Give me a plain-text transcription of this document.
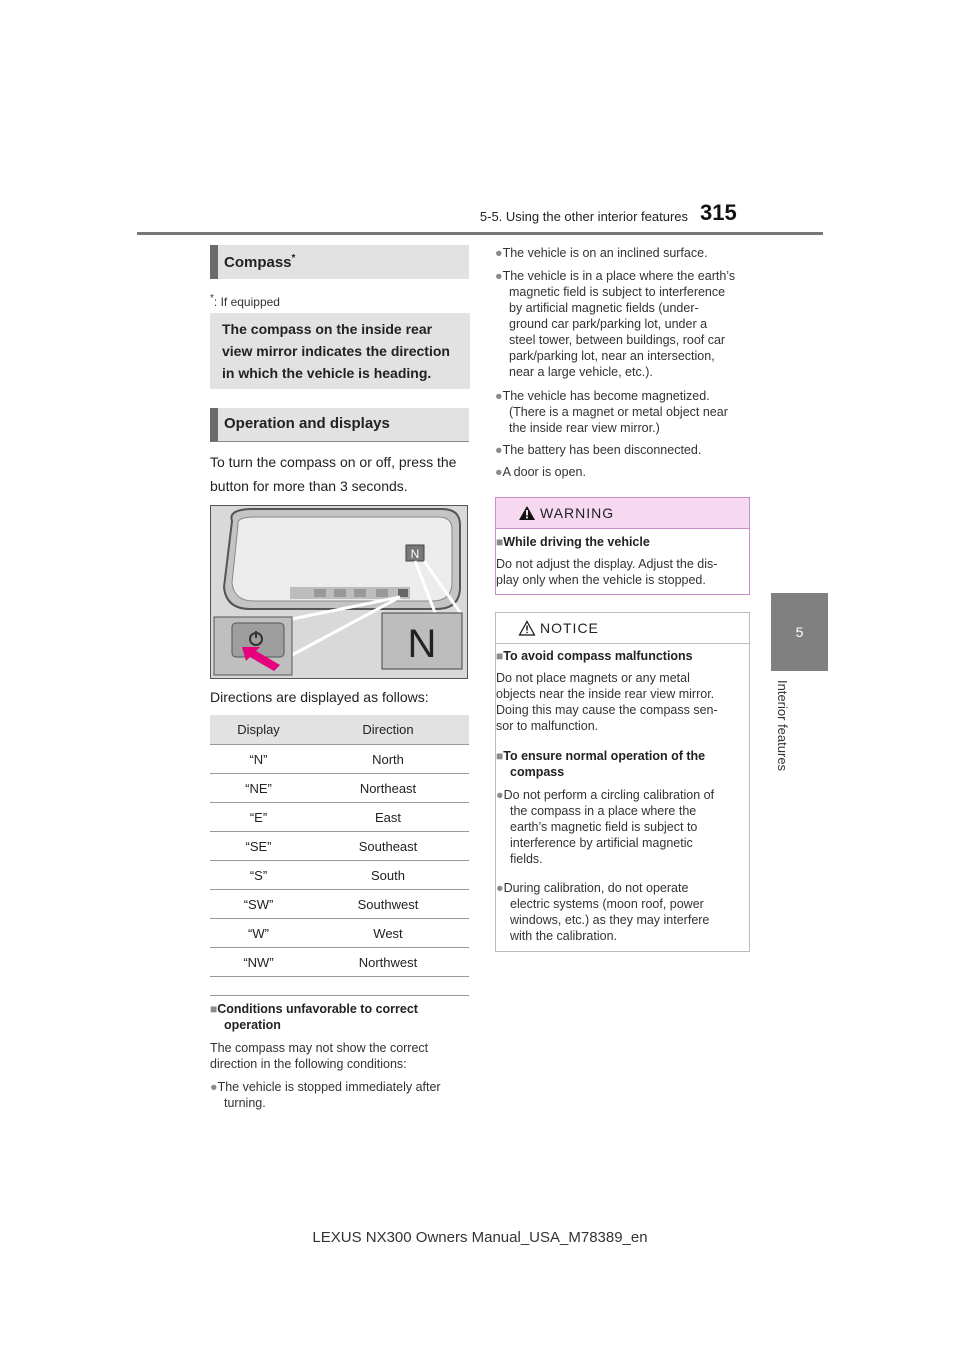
5-5. Using the other interior features 315
5
Interior features
Compass*
*: If equipped
The compass on the inside rear view mirror indicates the direction in which the vehicle is heading.
Operation and displays
To turn the compass on or off, press the button for more than 3 seconds.
N
N
Directions are displayed as follows:
Display	Direction
“N”	North
“NE”	Northeast
“E”	East
“SE”	Southeast
“S”	South
“SW”	Southwest
“W”	West
“NW”	Northwest
■Conditions unfavorable to correct
operation
The compass may not show the correct
direction in the following conditions:
●The vehicle is stopped immediately after
turning.
●The vehicle is on an inclined surface.
●The vehicle is in a place where the earth’s
magnetic field is subject to interference
by artificial magnetic fields (under-
ground car park/parking lot, under a
steel tower, between buildings, roof car
park/parking lot, near an intersection,
near a large vehicle, etc.).
●The vehicle has become magnetized.
(There is a magnet or metal object near
the inside rear view mirror.)
●The battery has been disconnected.
●A door is open.
WARNING
■While driving the vehicle
Do not adjust the display. Adjust the dis-
play only when the vehicle is stopped.
NOTICE
■To avoid compass malfunctions
Do not place magnets or any metal
objects near the inside rear view mirror.
Doing this may cause the compass sen-
sor to malfunction.
■To ensure normal operation of the
compass
●Do not perform a circling calibration of
the compass in a place where the
earth’s magnetic field is subject to
interference by artificial magnetic
fields.
●During calibration, do not operate
electric systems (moon roof, power
windows, etc.) as they may interfere
with the calibration.
LEXUS NX300 Owners Manual_USA_M78389_en
